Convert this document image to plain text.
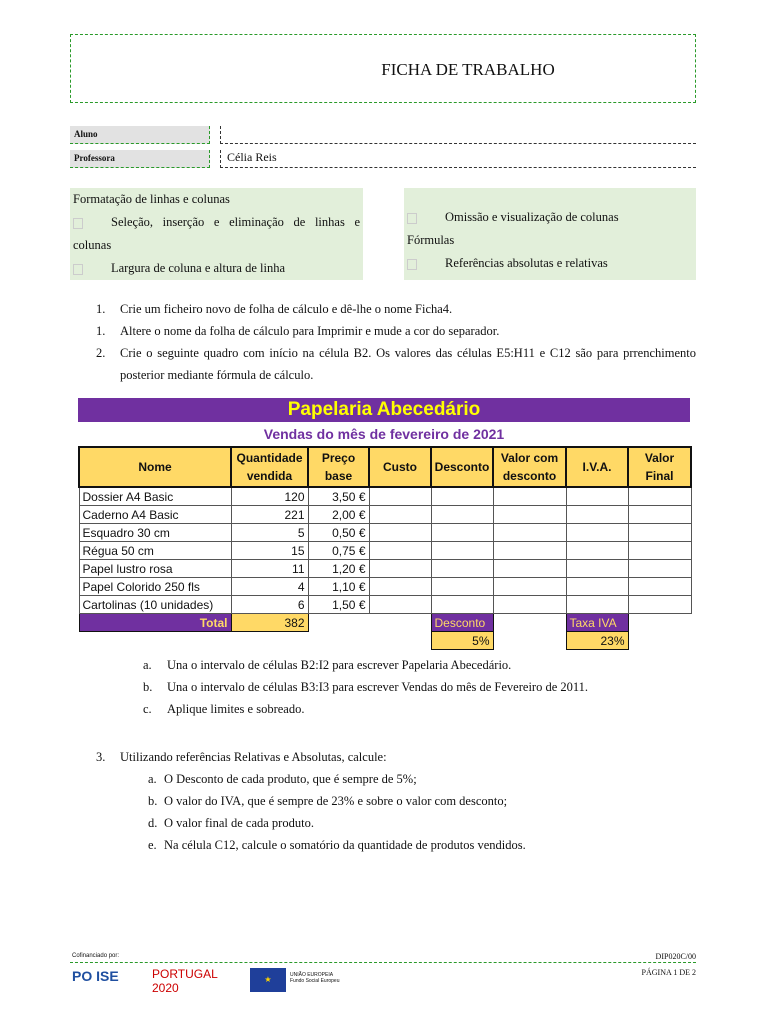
FICHA DE TRABALHO
Aluno
Professora	Célia Reis
Formatação de linhas e colunas
Seleção, inserção e eliminação de linhas e colunas
Largura de coluna e altura de linha
Omissão e visualização de colunas
Fórmulas
Referências absolutas e relativas
1. Crie um ficheiro novo de folha de cálculo e dê-lhe o nome Ficha4.
1. Altere o nome da folha de cálculo para Imprimir e mude a cor do separador.
2.	Crie o seguinte quadro com início na célula B2. Os valores das células E5:H11 e C12 são para prrenchimento posterior mediante fórmula de cálculo.
Papelaria Abecedário
Vendas do mês de fevereiro de 2021
Nome	Quantidade vendida	Preço base	Custo	Desconto	Valor com desconto	I.V.A.	Valor Final
Dossier A4 Basic	120	3,50 €					
Caderno A4 Basic	221	2,00 €					
Esquadro 30 cm	5	0,50 €					
Régua 50 cm	15	0,75 €					
Papel lustro rosa	11	1,20 €					
Papel Colorido 250 fls	4	1,10 €					
Cartolinas (10 unidades)	6	1,50 €					
Total	382			Desconto		Taxa IVA	
				5%		23%	
a. Una o intervalo de células B2:I2 para escrever Papelaria Abecedário.
b. Una o intervalo de células B3:I3 para escrever Vendas do mês de Fevereiro de 2011.
c. Aplique limites e sobreado.
3. Utilizando referências Relativas e Absolutas, calcule:
a. O Desconto de cada produto, que é sempre de 5%;
b. O valor do IVA, que é sempre de 23% e sobre o valor com desconto;
d. O valor final de cada produto.
e. Na célula C12, calcule o somatório da quantidade de produtos vendidos.
Cofinanciado por:	DIP020C/00
PO ISE	PORTUGAL 2020
★	UNIÃO EUROPEIA Fundo Social Europeu
PÁGINA 1 DE 2
